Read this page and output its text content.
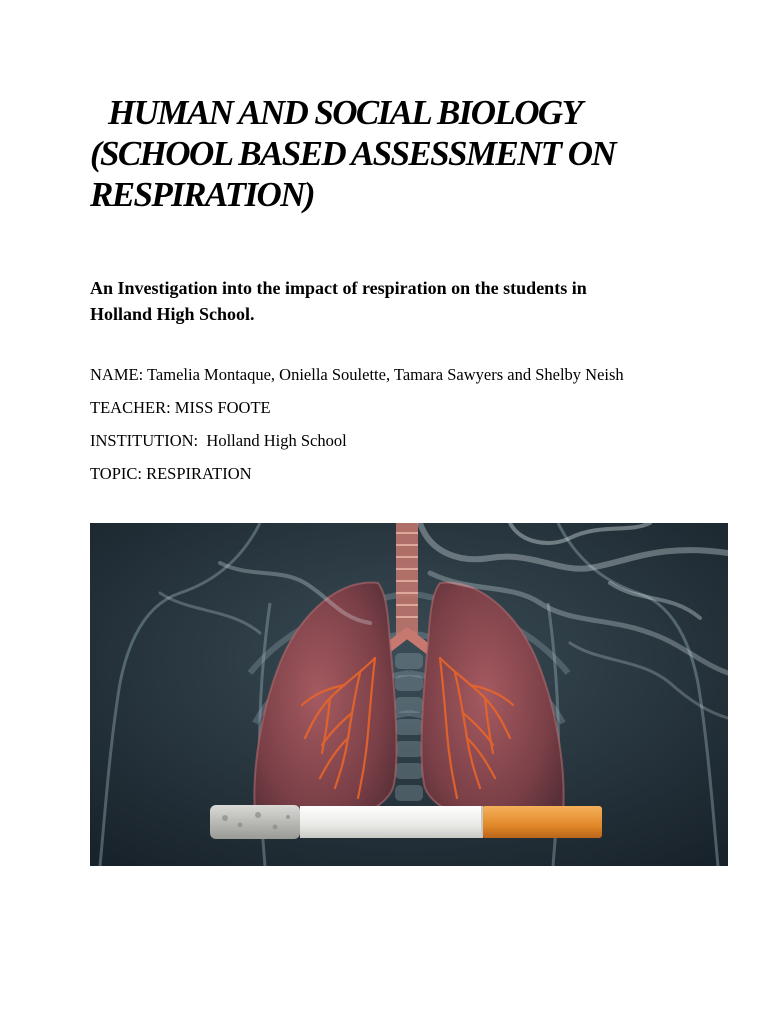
HUMAN AND SOCIAL BIOLOGY
(SCHOOL BASED ASSESSMENT ON
RESPIRATION)

An Investigation into the impact of respiration on the students in
Holland High School.

NAME: Tamelia Montaque, Oniella Soulette, Tamara Sawyers and Shelby Neish

TEACHER: MISS FOOTE

INSTITUTION: Holland High School

TOPIC: RESPIRATION
